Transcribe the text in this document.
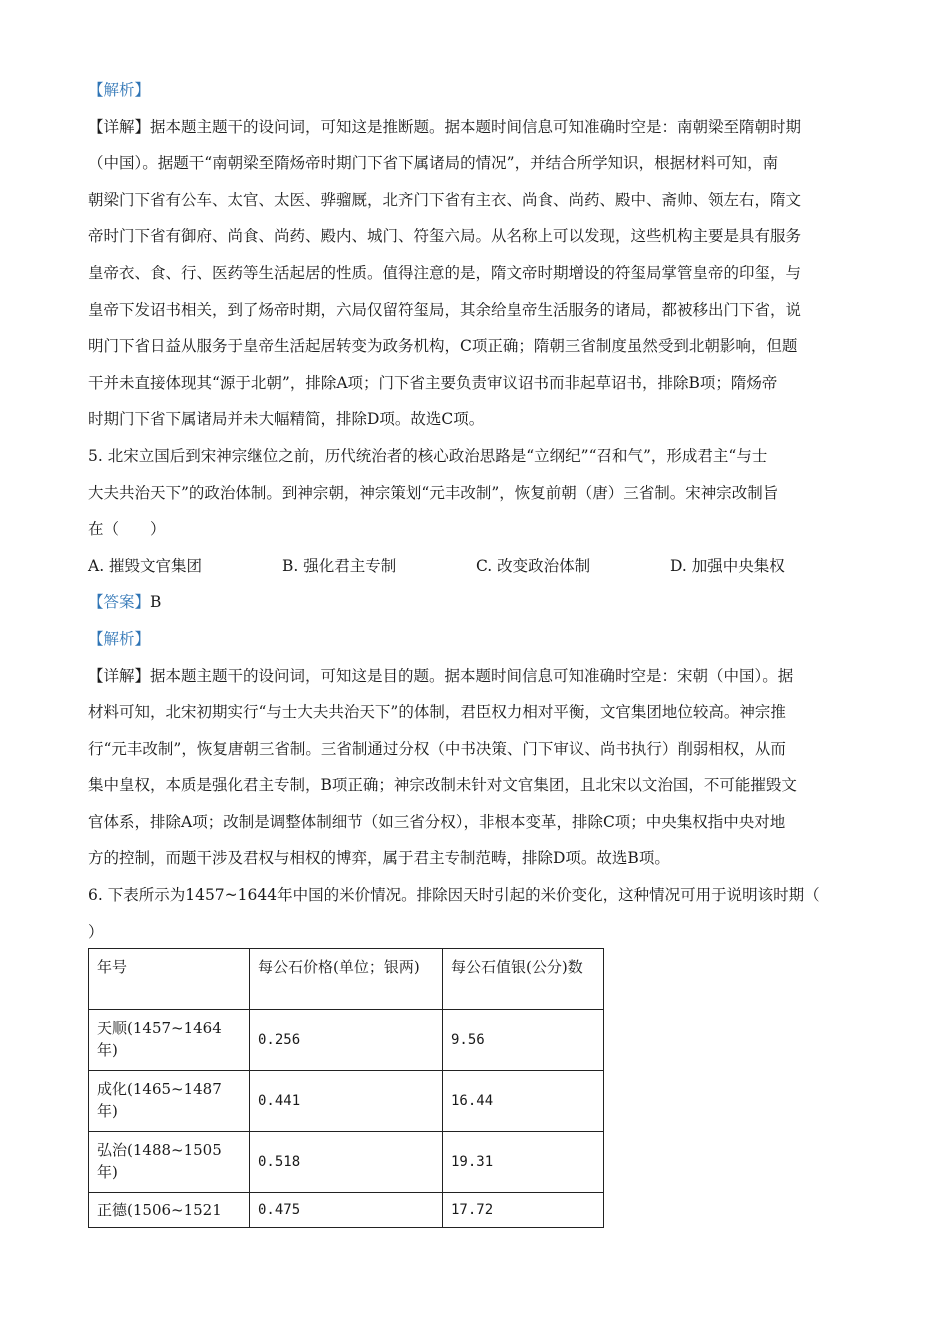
【解析】
【详解】据本题主题干的设问词，可知这是推断题。据本题时间信息可知准确时空是：南朝梁至隋朝时期
（中国）。据题干“南朝梁至隋炀帝时期门下省下属诸局的情况”，并结合所学知识，根据材料可知，南
朝梁门下省有公车、太官、太医、骅骝厩，北齐门下省有主衣、尚食、尚药、殿中、斋帅、领左右，隋文
帝时门下省有御府、尚食、尚药、殿内、城门、符玺六局。从名称上可以发现，这些机构主要是具有服务
皇帝衣、食、行、医药等生活起居的性质。值得注意的是，隋文帝时期增设的符玺局掌管皇帝的印玺，与
皇帝下发诏书相关，到了炀帝时期，六局仅留符玺局，其余给皇帝生活服务的诸局，都被移出门下省，说
明门下省日益从服务于皇帝生活起居转变为政务机构，C项正确；隋朝三省制度虽然受到北朝影响，但题
干并未直接体现其“源于北朝”，排除A项；门下省主要负责审议诏书而非起草诏书，排除B项；隋炀帝
时期门下省下属诸局并未大幅精简，排除D项。故选C项。
5. 北宋立国后到宋神宗继位之前，历代统治者的核心政治思路是“立纲纪”“召和气”，形成君主“与士
大夫共治天下”的政治体制。到神宗朝，神宗策划“元丰改制”，恢复前朝（唐）三省制。宋神宗改制旨
在（　　）
A. 摧毁文官集团	B. 强化君主专制	C. 改变政治体制	D. 加强中央集权
【答案】B
【解析】
【详解】据本题主题干的设问词，可知这是目的题。据本题时间信息可知准确时空是：宋朝（中国）。据
材料可知，北宋初期实行“与士大夫共治天下”的体制，君臣权力相对平衡，文官集团地位较高。神宗推
行“元丰改制”，恢复唐朝三省制。三省制通过分权（中书决策、门下审议、尚书执行）削弱相权，从而
集中皇权，本质是强化君主专制，B项正确；神宗改制未针对文官集团，且北宋以文治国，不可能摧毁文
官体系，排除A项；改制是调整体制细节（如三省分权），非根本变革，排除C项；中央集权指中央对地
方的控制，而题干涉及君权与相权的博弈，属于君主专制范畴，排除D项。故选B项。
6. 下表所示为1457~1644年中国的米价情况。排除因天时引起的米价变化，这种情况可用于说明该时期（
）
年号	每公石价格(单位；银两)	每公石值银(公分)数
天顺(1457~1464年)	0.256	9.56
成化(1465~1487年)	0.441	16.44
弘治(1488~1505年)	0.518	19.31
正德(1506~1521	0.475	17.72
